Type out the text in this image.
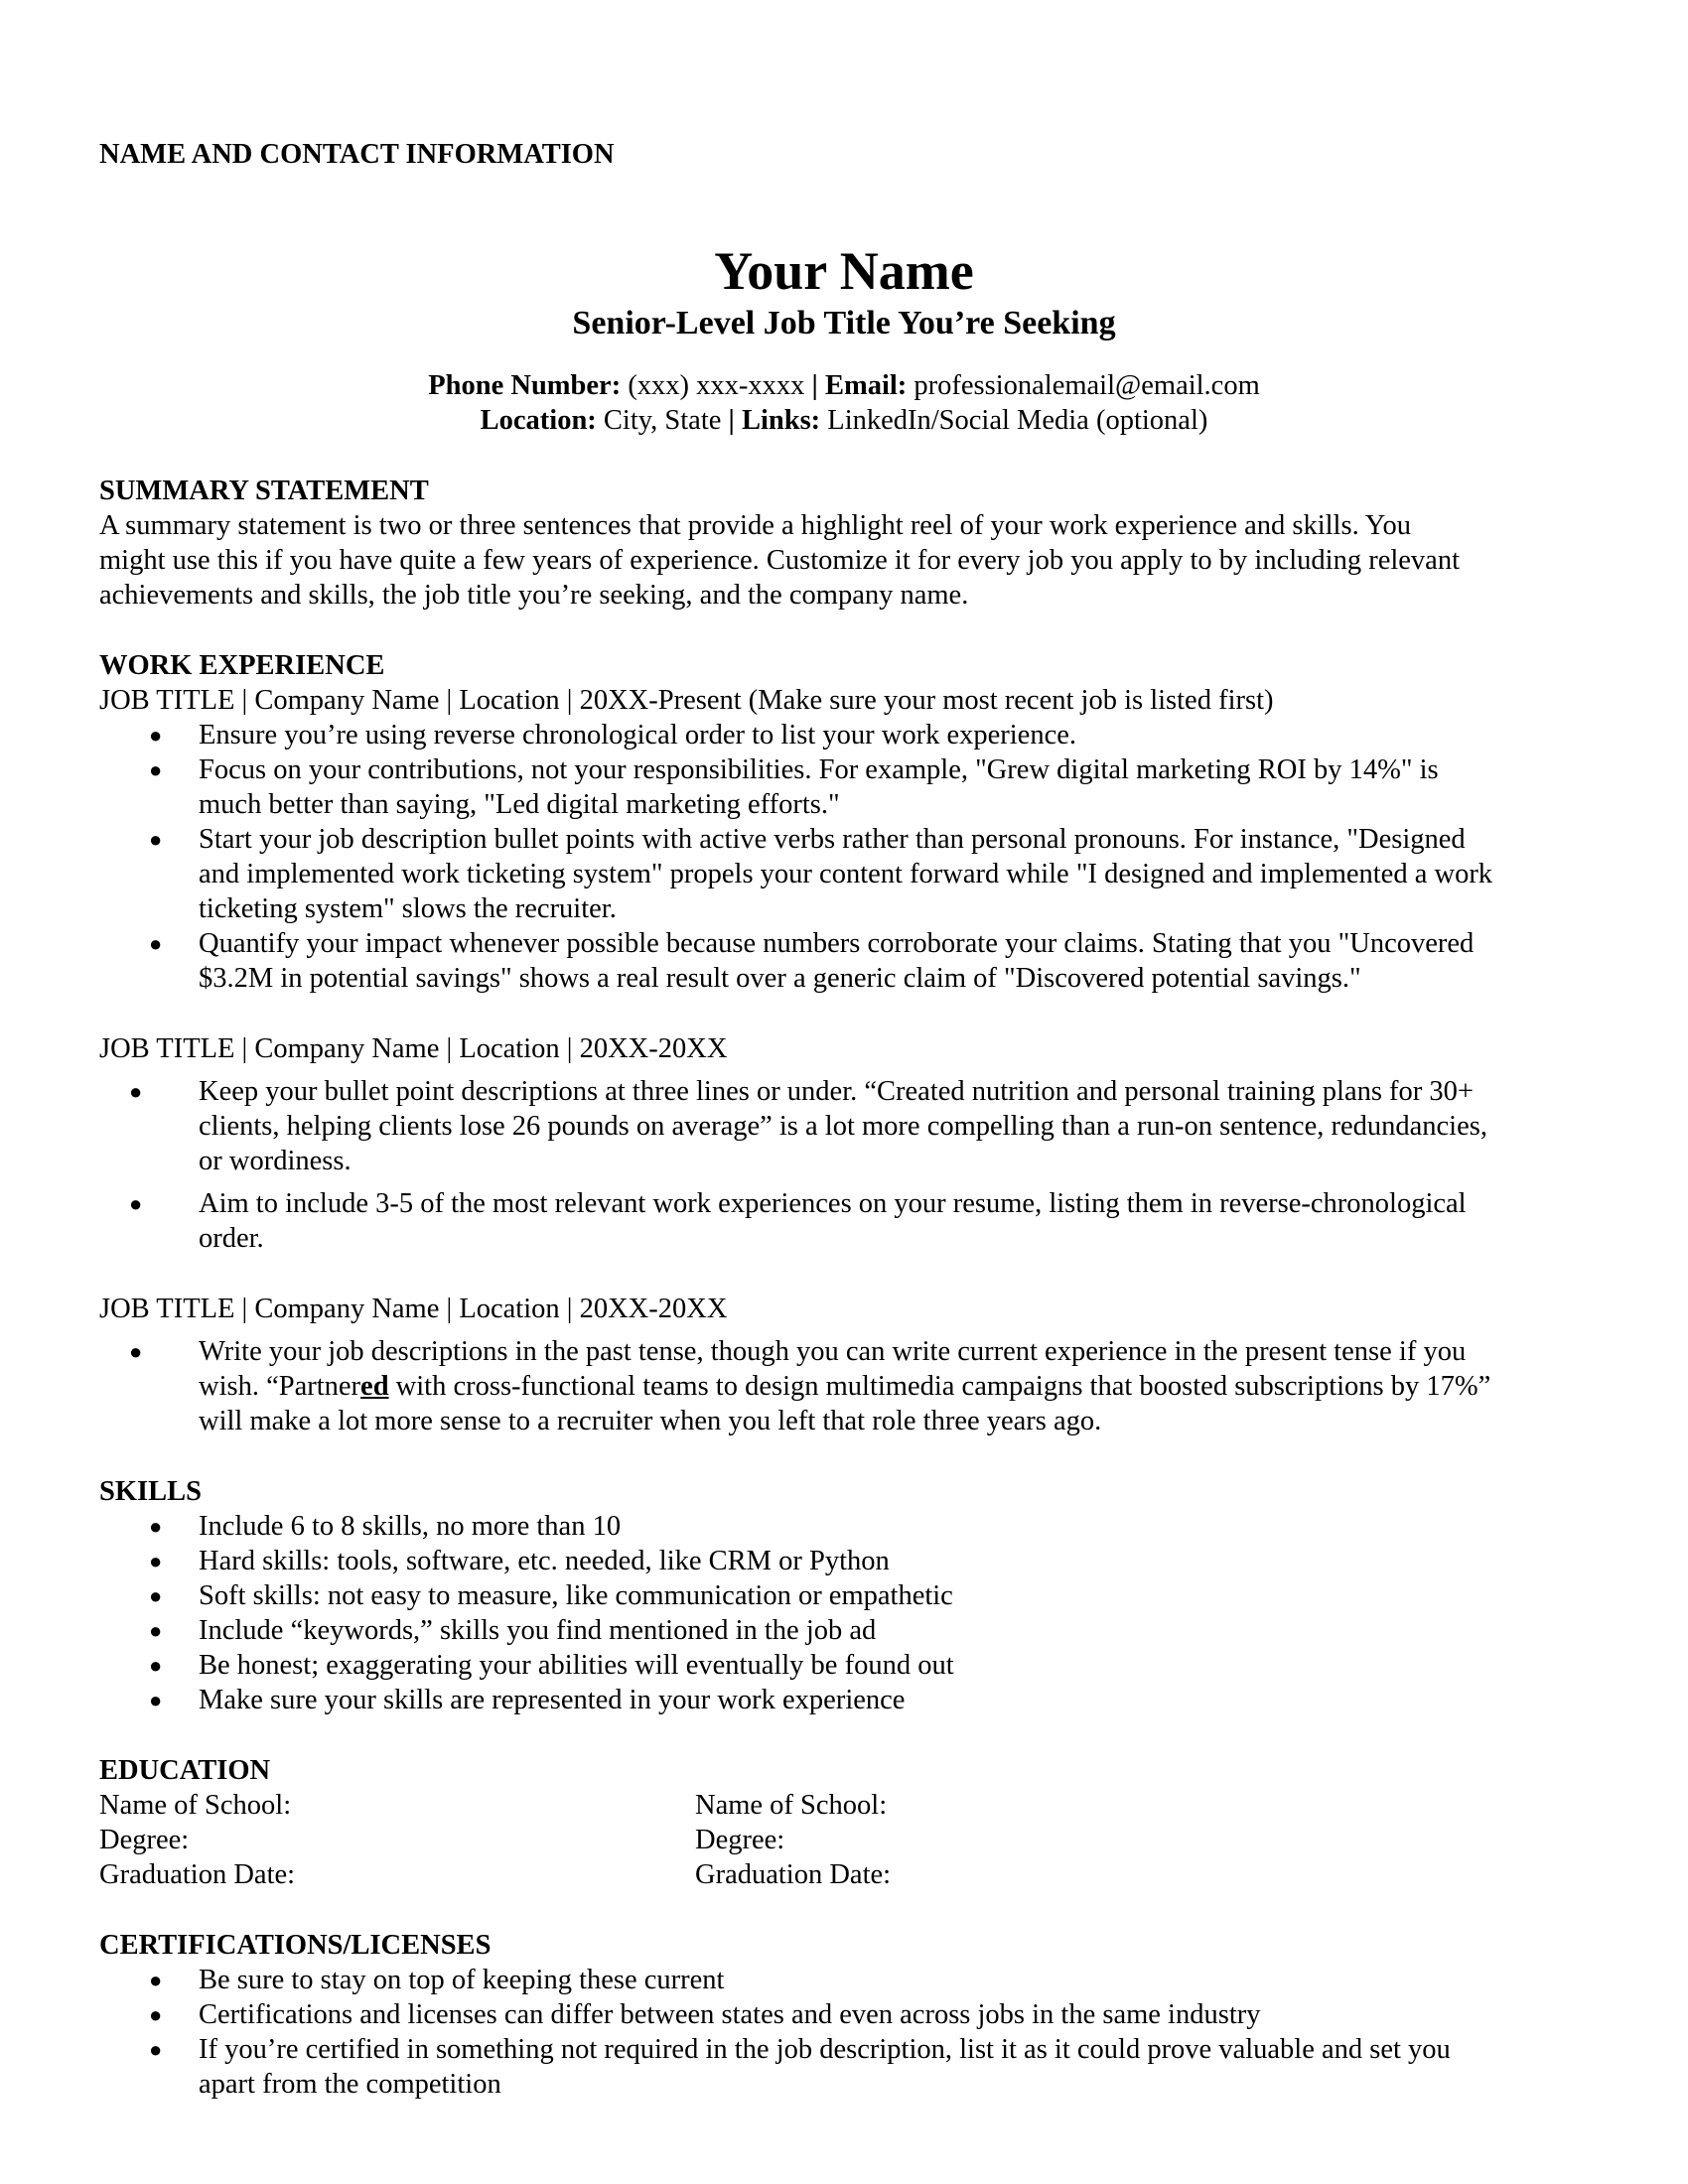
NAME AND CONTACT INFORMATION

Your Name

Senior-Level Job Title You’re Seeking

Phone Number: (xxx) xxx-xxxx | Email: professionalemail@email.com

Location: City, State | Links: LinkedIn/Social Media (optional)

SUMMARY STATEMENT

A summary statement is two or three sentences that provide a highlight reel of your work experience and skills. You

might use this if you have quite a few years of experience. Customize it for every job you apply to by including relevant

achievements and skills, the job title you’re seeking, and the company name.

WORK EXPERIENCE

JOB TITLE | Company Name | Location | 20XX-Present (Make sure your most recent job is listed first)

● Ensure you’re using reverse chronological order to list your work experience.
● Focus on your contributions, not your responsibilities. For example, "Grew digital marketing ROI by 14%" is
much better than saying, "Led digital marketing efforts."
● Start your job description bullet points with active verbs rather than personal pronouns. For instance, "Designed
and implemented work ticketing system" propels your content forward while "I designed and implemented a work
ticketing system" slows the recruiter.
● Quantify your impact whenever possible because numbers corroborate your claims. Stating that you "Uncovered
$3.2M in potential savings" shows a real result over a generic claim of "Discovered potential savings."

JOB TITLE | Company Name | Location | 20XX-20XX

● Keep your bullet point descriptions at three lines or under. “Created nutrition and personal training plans for 30+
clients, helping clients lose 26 pounds on average” is a lot more compelling than a run-on sentence, redundancies,
or wordiness.
● Aim to include 3-5 of the most relevant work experiences on your resume, listing them in reverse-chronological
order.

JOB TITLE | Company Name | Location | 20XX-20XX

● Write your job descriptions in the past tense, though you can write current experience in the present tense if you
wish. “Partnered with cross-functional teams to design multimedia campaigns that boosted subscriptions by 17%”
will make a lot more sense to a recruiter when you left that role three years ago.

SKILLS

● Include 6 to 8 skills, no more than 10
● Hard skills: tools, software, etc. needed, like CRM or Python
● Soft skills: not easy to measure, like communication or empathetic
● Include “keywords,” skills you find mentioned in the job ad
● Be honest; exaggerating your abilities will eventually be found out
● Make sure your skills are represented in your work experience

EDUCATION

Name of School:

Degree:

Graduation Date:

Name of School:

Degree:

Graduation Date:

CERTIFICATIONS/LICENSES

● Be sure to stay on top of keeping these current
● Certifications and licenses can differ between states and even across jobs in the same industry
● If you’re certified in something not required in the job description, list it as it could prove valuable and set you
apart from the competition
